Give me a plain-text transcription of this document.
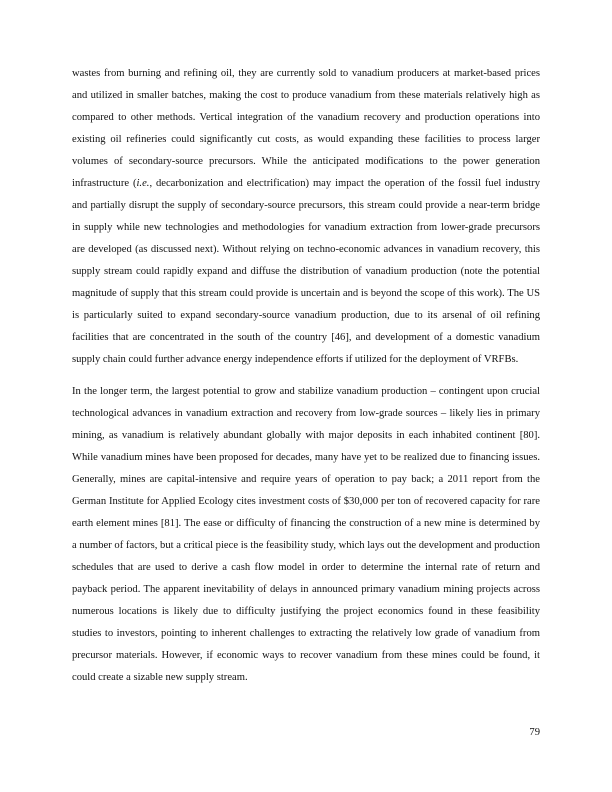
wastes from burning and refining oil, they are currently sold to vanadium producers at market-based prices and utilized in smaller batches, making the cost to produce vanadium from these materials relatively high as compared to other methods. Vertical integration of the vanadium recovery and production operations into existing oil refineries could significantly cut costs, as would expanding these facilities to process larger volumes of secondary-source precursors. While the anticipated modifications to the power generation infrastructure (i.e., decarbonization and electrification) may impact the operation of the fossil fuel industry and partially disrupt the supply of secondary-source precursors, this stream could provide a near-term bridge in supply while new technologies and methodologies for vanadium extraction from lower-grade precursors are developed (as discussed next). Without relying on techno-economic advances in vanadium recovery, this supply stream could rapidly expand and diffuse the distribution of vanadium production (note the potential magnitude of supply that this stream could provide is uncertain and is beyond the scope of this work). The US is particularly suited to expand secondary-source vanadium production, due to its arsenal of oil refining facilities that are concentrated in the south of the country [46], and development of a domestic vanadium supply chain could further advance energy independence efforts if utilized for the deployment of VRFBs.

In the longer term, the largest potential to grow and stabilize vanadium production – contingent upon crucial technological advances in vanadium extraction and recovery from low-grade sources – likely lies in primary mining, as vanadium is relatively abundant globally with major deposits in each inhabited continent [80]. While vanadium mines have been proposed for decades, many have yet to be realized due to financing issues. Generally, mines are capital-intensive and require years of operation to pay back; a 2011 report from the German Institute for Applied Ecology cites investment costs of $30,000 per ton of recovered capacity for rare earth element mines [81]. The ease or difficulty of financing the construction of a new mine is determined by a number of factors, but a critical piece is the feasibility study, which lays out the development and production schedules that are used to derive a cash flow model in order to determine the internal rate of return and payback period. The apparent inevitability of delays in announced primary vanadium mining projects across numerous locations is likely due to difficulty justifying the project economics found in these feasibility studies to investors, pointing to inherent challenges to extracting the relatively low grade of vanadium from precursor materials. However, if economic ways to recover vanadium from these mines could be found, it could create a sizable new supply stream.

79
